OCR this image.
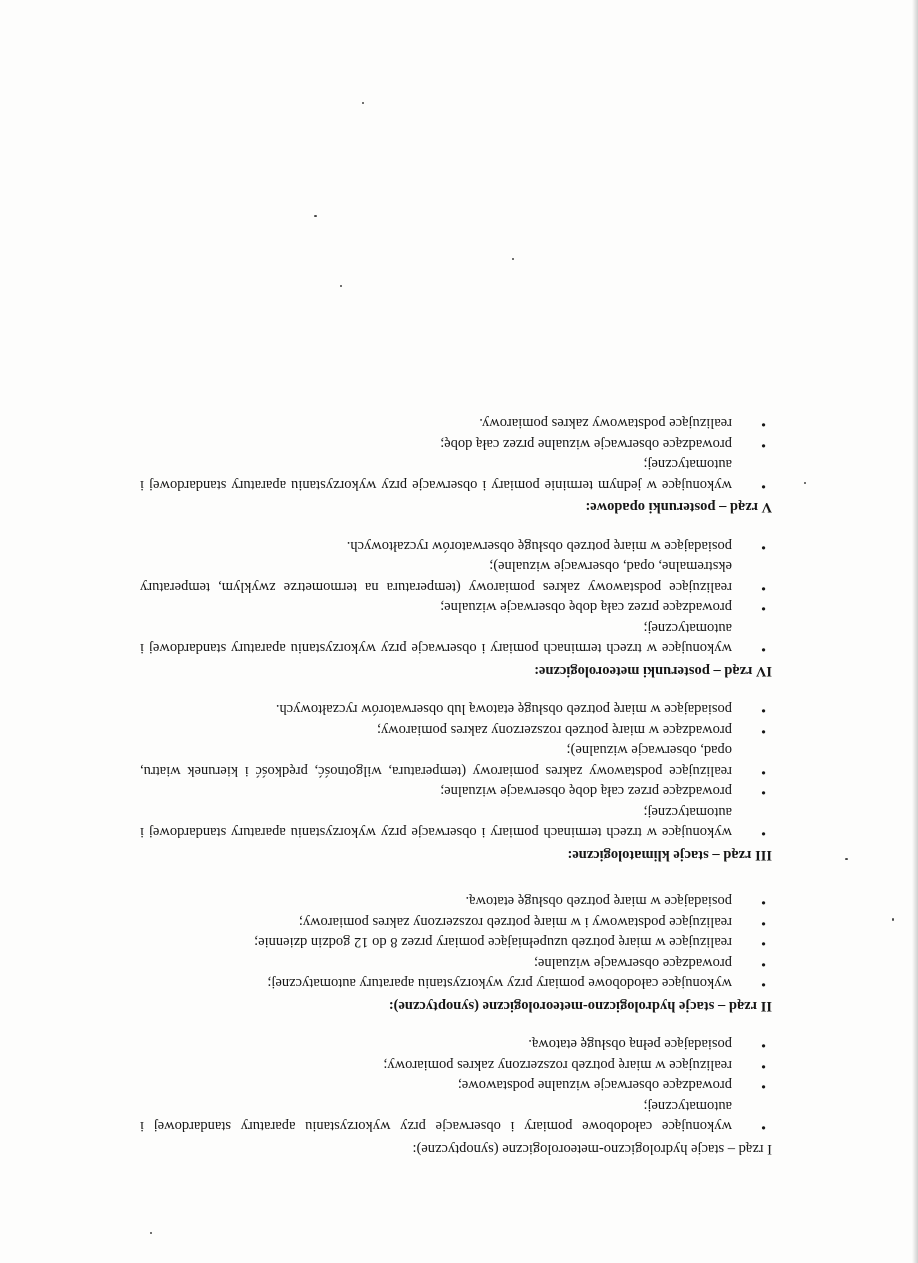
I rząd – stacje hydrologiczno-meteorologiczne (synoptyczne):

• wykonujące całodobowe pomiary i obserwacje przy wykorzystaniu aparatury standardowej i automatycznej;
• prowadzące obserwacje wizualne podstawowe;
• realizujące w miarę potrzeb rozszerzony zakres pomiarowy;
• posiadające pełną obsługę etatową.

II rząd – stacje hydrologiczno-meteorologiczne (synoptyczne):

• wykonujące całodobowe pomiary przy wykorzystaniu aparatury automatycznej;
• prowadzące obserwacje wizualne;
• realizujące w miarę potrzeb uzupełniające pomiary przez 8 do 12 godzin dziennie;
• realizujące podstawowy i w miarę potrzeb rozszerzony zakres pomiarowy;
• posiadające w miarę potrzeb obsługę etatową.

III rząd – stacje klimatologiczne:

• wykonujące w trzech terminach pomiary i obserwacje przy wykorzystaniu aparatury standardowej i automatycznej;
• prowadzące przez całą dobę obserwacje wizualne;
• realizujące podstawowy zakres pomiarowy (temperatura, wilgotność, prędkość i kierunek wiatru, opad, obserwacje wizualne);
• prowadzące w miarę potrzeb rozszerzony zakres pomiarowy;
• posiadające w miarę potrzeb obsługę etatową lub obserwatorów ryczałtowych.

IV rząd – posterunki meteorologiczne:

• wykonujące w trzech terminach pomiary i obserwacje przy wykorzystaniu aparatury standardowej i automatycznej;
• prowadzące przez całą dobę obserwacje wizualne;
• realizujące podstawowy zakres pomiarowy (temperatura na termometrze zwyklym, temperatury ekstremalne, opad, obserwacje wizualne);
• posiadające w miarę potrzeb obsługę obserwatorów ryczałtowych.

V rząd – posterunki opadowe:

• wykonujące w jednym terminie pomiary i obserwacje przy wykorzystaniu aparatury standardowej i automatycznej;
• prowadzące obserwacje wizualne przez całą dobę;
• realizujące podstawowy zakres pomiarowy.
